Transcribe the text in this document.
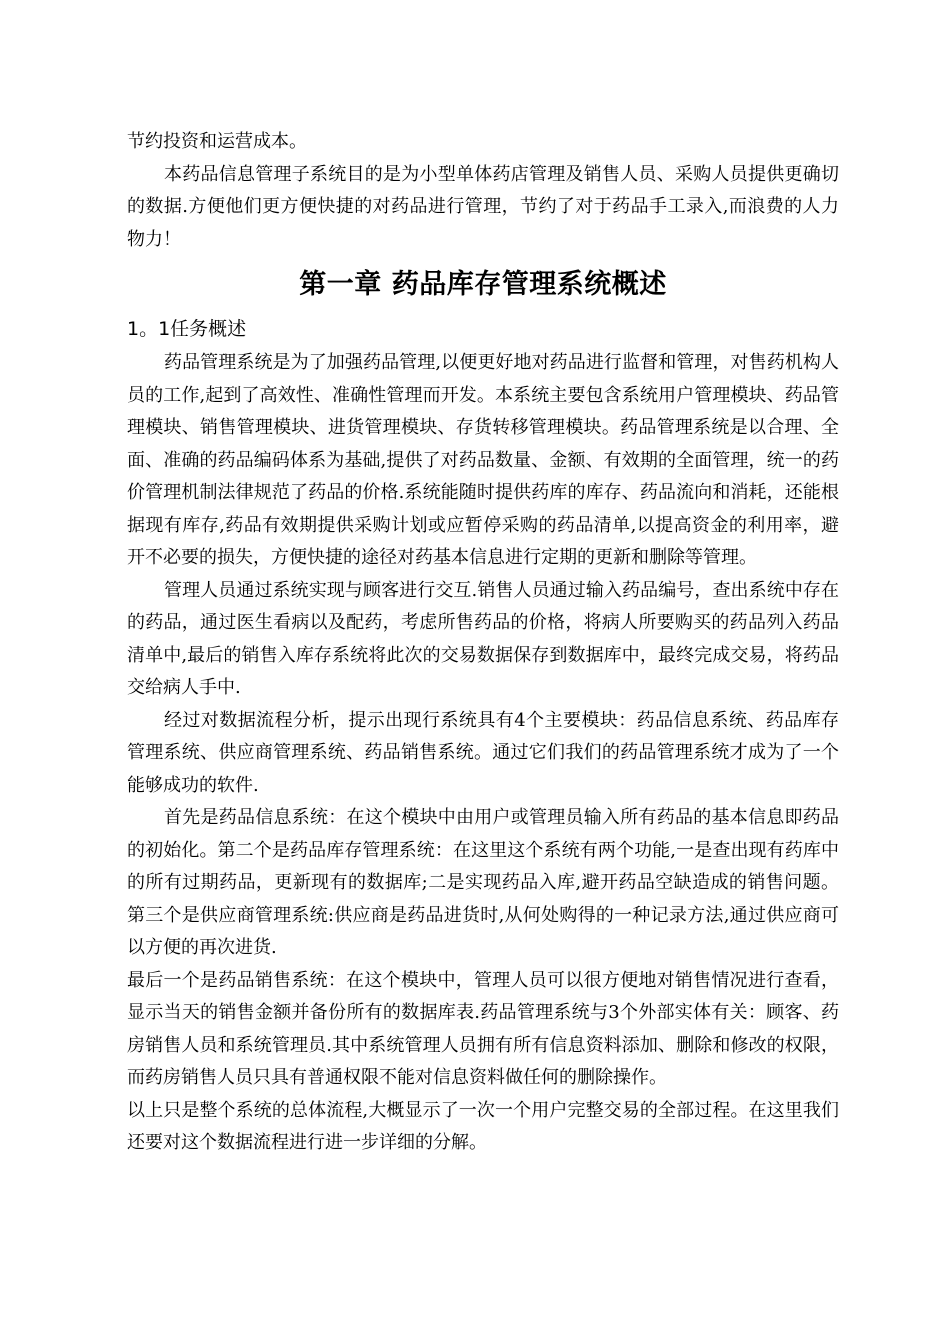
节约投资和运营成本。

本药品信息管理子系统目的是为小型单体药店管理及销售人员、采购人员提供更确切的数据.方便他们更方便快捷的对药品进行管理，节约了对于药品手工录入,而浪费的人力物力！

第一章 药品库存管理系统概述
1。1任务概述

药品管理系统是为了加强药品管理,以便更好地对药品进行监督和管理，对售药机构人员的工作,起到了高效性、准确性管理而开发。本系统主要包含系统用户管理模块、药品管理模块、销售管理模块、进货管理模块、存货转移管理模块。药品管理系统是以合理、全面、准确的药品编码体系为基础,提供了对药品数量、金额、有效期的全面管理，统一的药价管理机制法律规范了药品的价格.系统能随时提供药库的库存、药品流向和消耗，还能根据现有库存,药品有效期提供采购计划或应暂停采购的药品清单,以提高资金的利用率，避开不必要的损失，方便快捷的途径对药基本信息进行定期的更新和删除等管理。

管理人员通过系统实现与顾客进行交互.销售人员通过输入药品编号，查出系统中存在的药品，通过医生看病以及配药，考虑所售药品的价格，将病人所要购买的药品列入药品清单中,最后的销售入库存系统将此次的交易数据保存到数据库中，最终完成交易，将药品交给病人手中.

经过对数据流程分析，提示出现行系统具有4个主要模块：药品信息系统、药品库存管理系统、供应商管理系统、药品销售系统。通过它们我们的药品管理系统才成为了一个能够成功的软件.

首先是药品信息系统：在这个模块中由用户或管理员输入所有药品的基本信息即药品的初始化。第二个是药品库存管理系统：在这里这个系统有两个功能,一是查出现有药库中的所有过期药品，更新现有的数据库;二是实现药品入库,避开药品空缺造成的销售问题。第三个是供应商管理系统:供应商是药品进货时,从何处购得的一种记录方法,通过供应商可以方便的再次进货.

最后一个是药品销售系统：在这个模块中，管理人员可以很方便地对销售情况进行查看，显示当天的销售金额并备份所有的数据库表.药品管理系统与3个外部实体有关：顾客、药房销售人员和系统管理员.其中系统管理人员拥有所有信息资料添加、删除和修改的权限，而药房销售人员只具有普通权限不能对信息资料做任何的删除操作。

以上只是整个系统的总体流程,大概显示了一次一个用户完整交易的全部过程。在这里我们还要对这个数据流程进行进一步详细的分解。
